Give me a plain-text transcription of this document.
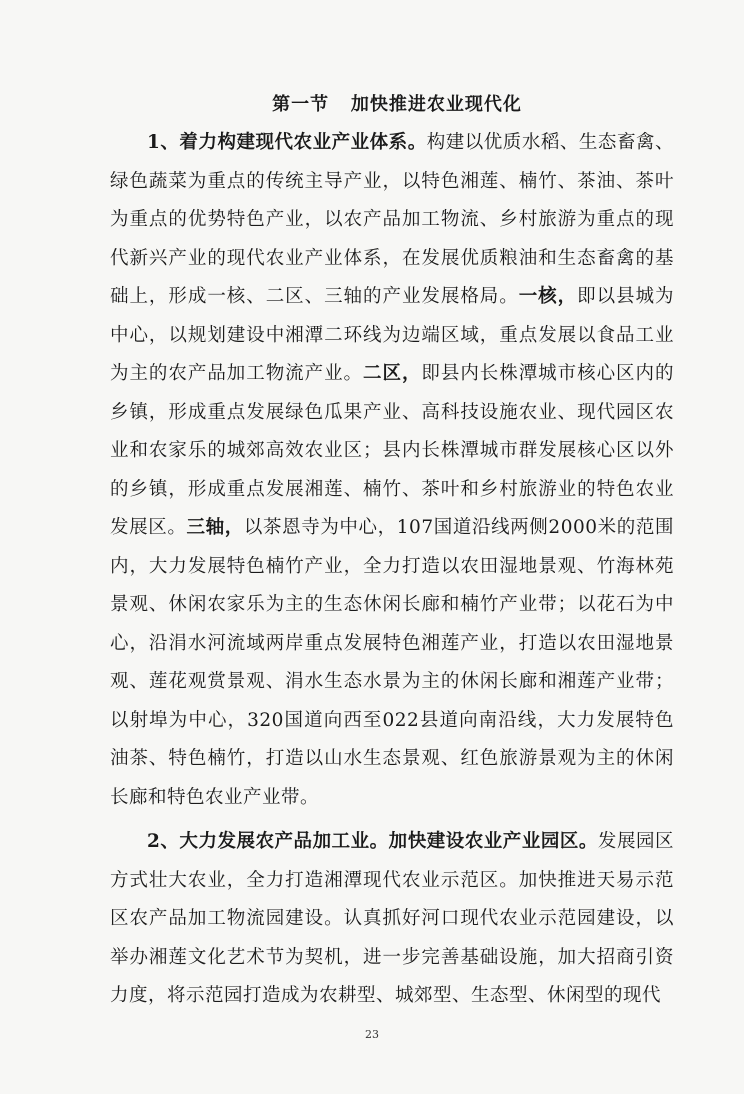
第一节   加快推进农业现代化

1、着力构建现代农业产业体系。构建以优质水稻、生态畜禽、绿色蔬菜为重点的传统主导产业，以特色湘莲、楠竹、茶油、茶叶为重点的优势特色产业，以农产品加工物流、乡村旅游为重点的现代新兴产业的现代农业产业体系，在发展优质粮油和生态畜禽的基础上，形成一核、二区、三轴的产业发展格局。一核，即以县城为中心，以规划建设中湘潭二环线为边端区域，重点发展以食品工业为主的农产品加工物流产业。二区，即县内长株潭城市核心区内的乡镇，形成重点发展绿色瓜果产业、高科技设施农业、现代园区农业和农家乐的城郊高效农业区；县内长株潭城市群发展核心区以外的乡镇，形成重点发展湘莲、楠竹、茶叶和乡村旅游业的特色农业发展区。三轴，以茶恩寺为中心，107国道沿线两侧2000米的范围内，大力发展特色楠竹产业，全力打造以农田湿地景观、竹海林苑景观、休闲农家乐为主的生态休闲长廊和楠竹产业带；以花石为中心，沿涓水河流域两岸重点发展特色湘莲产业，打造以农田湿地景观、莲花观赏景观、涓水生态水景为主的休闲长廊和湘莲产业带；以射埠为中心，320国道向西至022县道向南沿线，大力发展特色油茶、特色楠竹，打造以山水生态景观、红色旅游景观为主的休闲长廊和特色农业产业带。

2、大力发展农产品加工业。加快建设农业产业园区。发展园区方式壮大农业，全力打造湘潭现代农业示范区。加快推进天易示范区农产品加工物流园建设。认真抓好河口现代农业示范园建设，以举办湘莲文化艺术节为契机，进一步完善基础设施，加大招商引资力度，将示范园打造成为农耕型、城郊型、生态型、休闲型的现代

23
